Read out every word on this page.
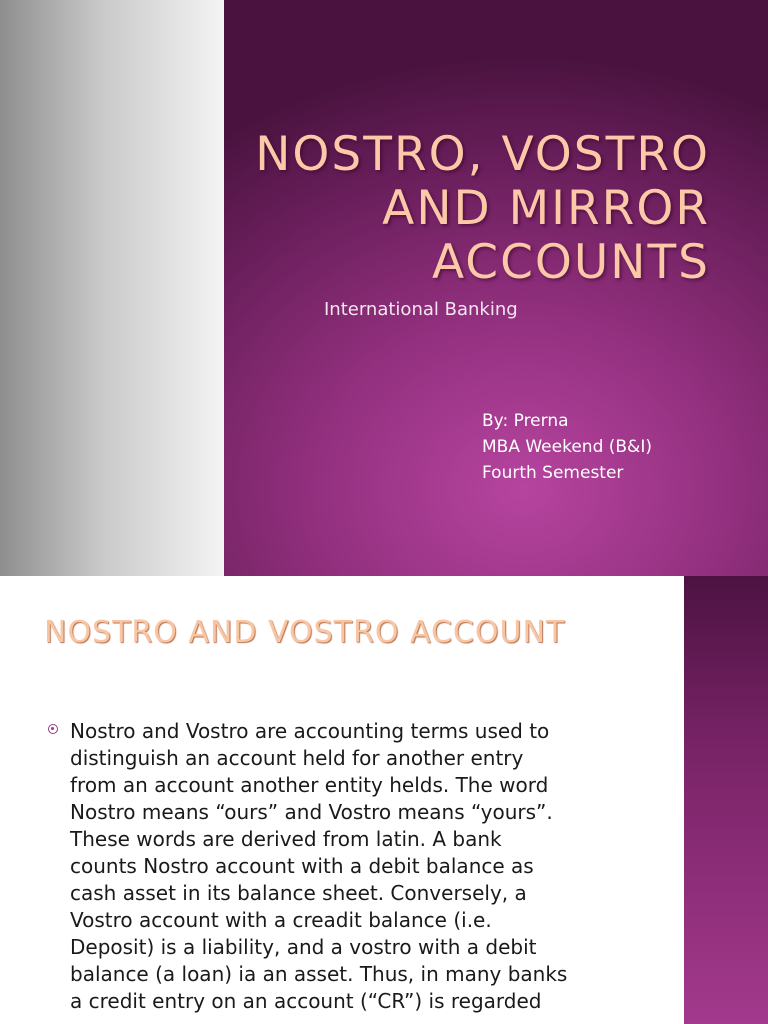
NOSTRO, VOSTRO
AND MIRROR
ACCOUNTS

International Banking

By: Prerna
MBA Weekend (B&I)
Fourth Semester
NOSTRO AND VOSTRO ACCOUNT
Nostro and Vostro are accounting terms used to
distinguish an account held for another entry
from an account another entity helds. The word
Nostro means “ours” and Vostro means “yours”.
These words are derived from latin. A bank
counts Nostro account with a debit balance as
cash asset in its balance sheet. Conversely, a
Vostro account with a creadit balance (i.e.
Deposit) is a liability, and a vostro with a debit
balance (a loan) ia an asset. Thus, in many banks
a credit entry on an account (“CR”) is regarded
